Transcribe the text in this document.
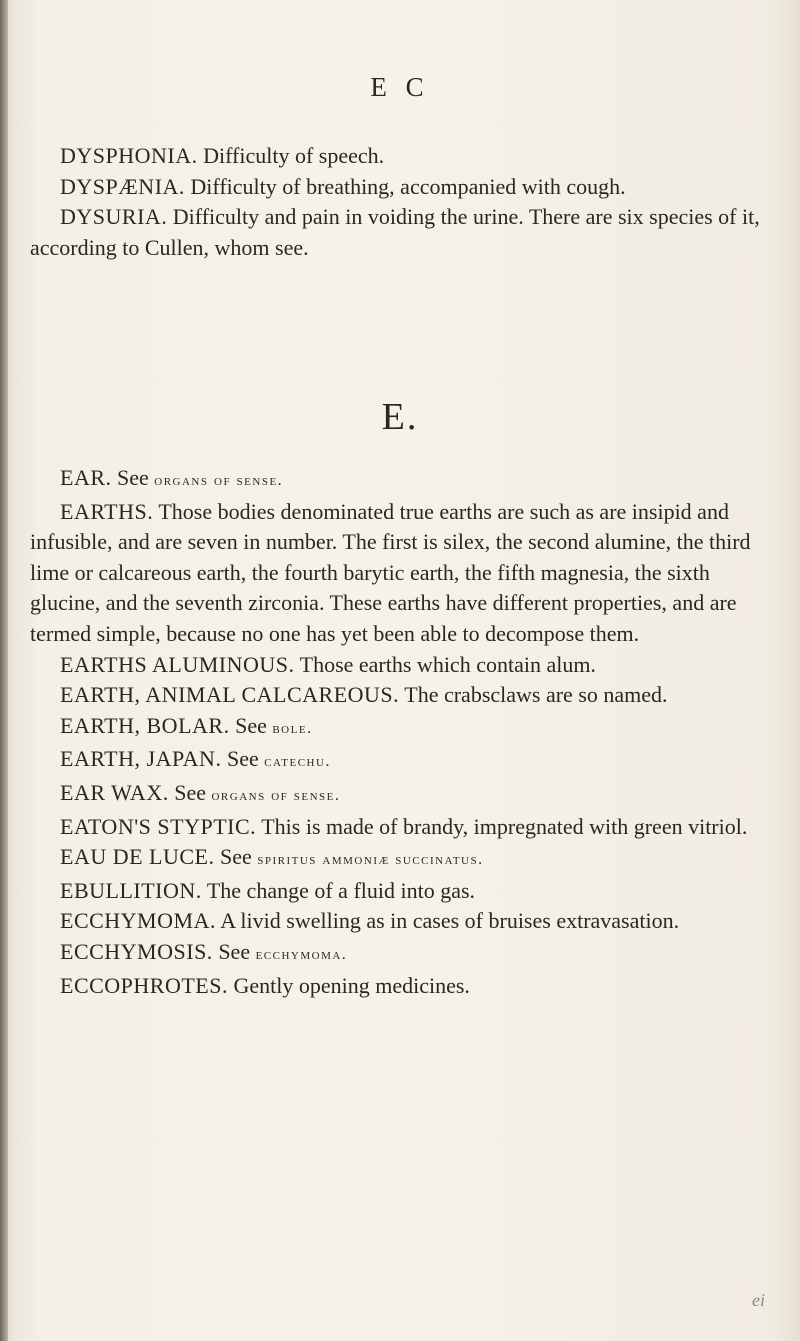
E C

DYSPHONIA. Difficulty of speech.

DYSPÆNIA. Difficulty of breathing, accompanied with cough.

DYSURIA. Difficulty and pain in voiding the urine. There are six species of it, according to Cullen, whom see.

E.

EAR. See organs of sense.

EARTHS. Those bodies denominated true earths are such as are insipid and infusible, and are seven in number. The first is silex, the second alumine, the third lime or calcareous earth, the fourth barytic earth, the fifth magnesia, the sixth glucine, and the seventh zirconia. These earths have different properties, and are termed simple, because no one has yet been able to decompose them.

EARTHS ALUMINOUS. Those earths which contain alum.

EARTH, ANIMAL CALCAREOUS. The crabsclaws are so named.

EARTH, BOLAR. See bole.

EARTH, JAPAN. See catechu.

EAR WAX. See organs of sense.

EATON'S STYPTIC. This is made of brandy, impregnated with green vitriol.

EAU DE LUCE. See spiritus ammoniæ succinatus.

EBULLITION. The change of a fluid into gas.

ECCHYMOMA. A livid swelling as in cases of bruises extravasation.

ECCHYMOSIS. See ecchymoma.

ECCOPHROTES. Gently opening medicines.

ei
